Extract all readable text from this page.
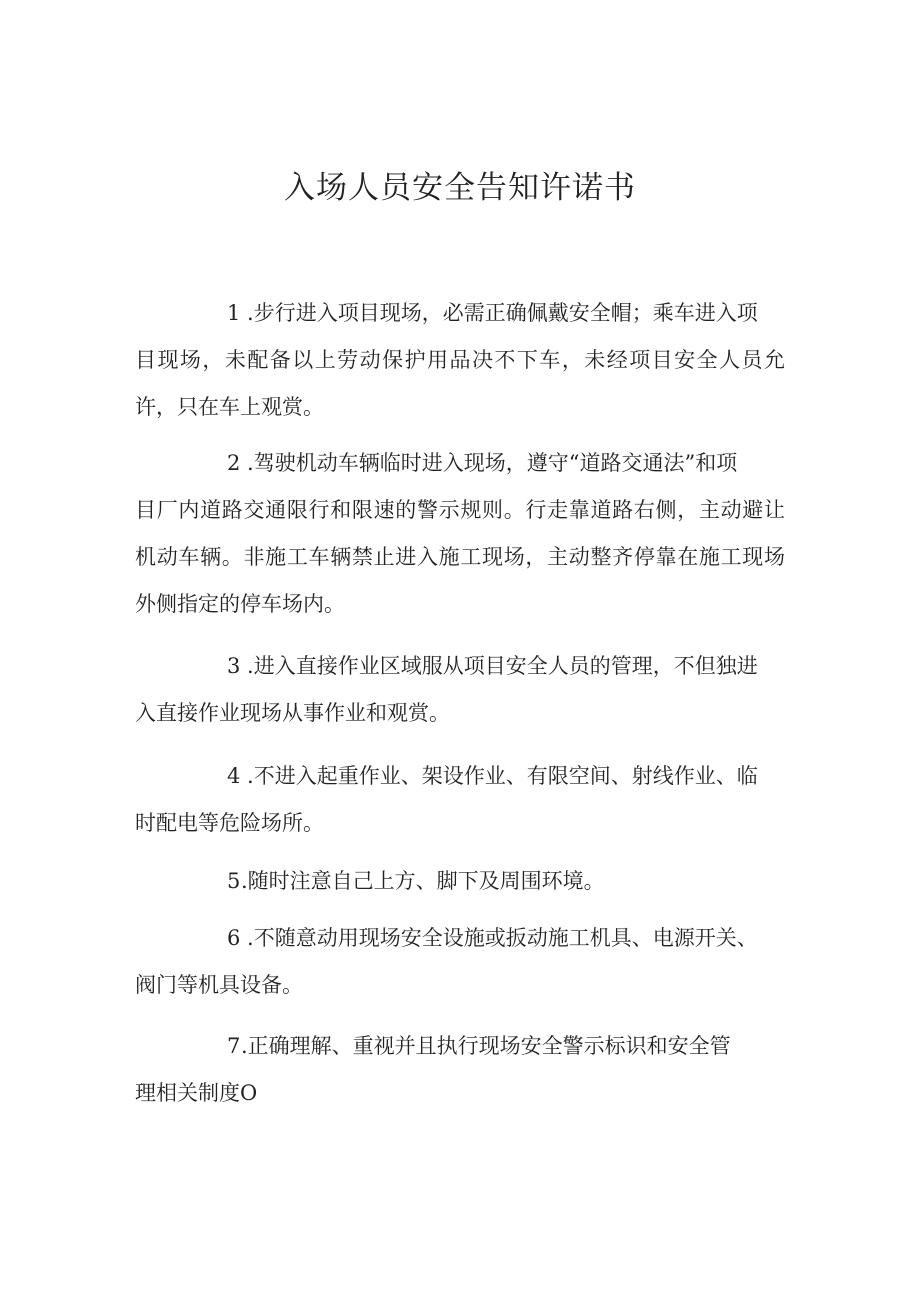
入场人员安全告知许诺书
1 .步行进入项目现场，必需正确佩戴安全帽；乘车进入项
目现场，未配备以上劳动保护用品决不下车，未经项目安全人员允许，只在车上观赏。
2 .驾驶机动车辆临时进入现场，遵守“道路交通法”和项
目厂内道路交通限行和限速的警示规则。行走靠道路右侧，主动避让机动车辆。非施工车辆禁止进入施工现场，主动整齐停靠在施工现场外侧指定的停车场内。
3 .进入直接作业区域服从项目安全人员的管理，不但独进
入直接作业现场从事作业和观赏。
4 .不进入起重作业、架设作业、有限空间、射线作业、临
时配电等危险场所。
5.随时注意自己上方、脚下及周围环境。
6 .不随意动用现场安全设施或扳动施工机具、电源开关、
阀门等机具设备。
7.正确理解、重视并且执行现场安全警示标识和安全管
理相关制度O
